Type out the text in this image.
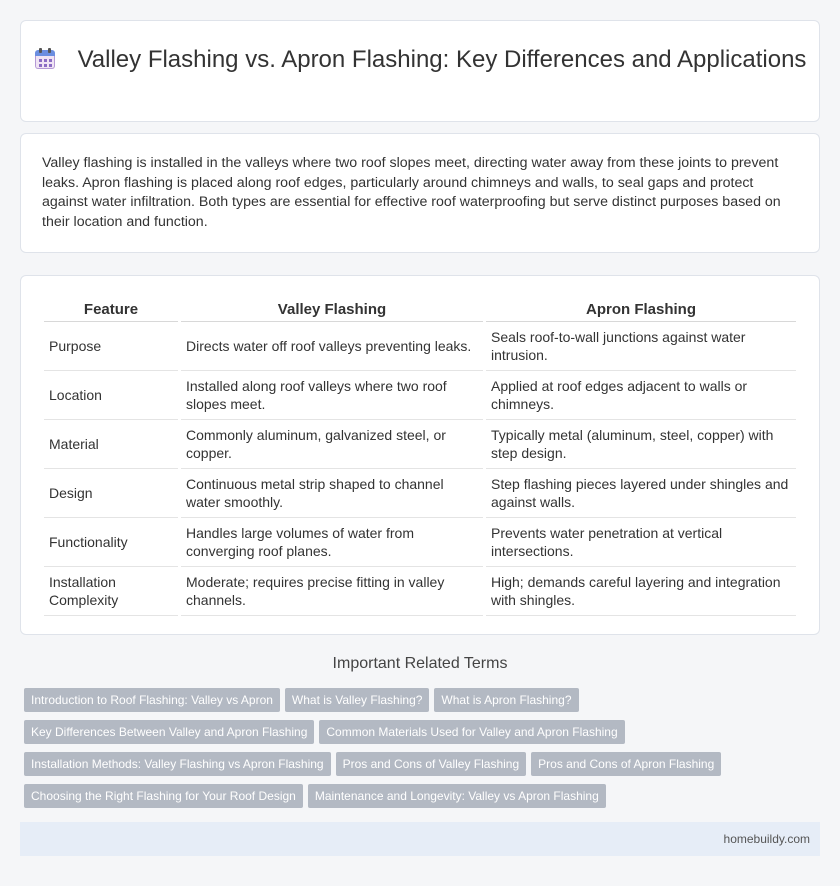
Valley Flashing vs. Apron Flashing: Key Differences and Applications

Valley flashing is installed in the valleys where two roof slopes meet, directing water away from these joints to prevent leaks. Apron flashing is placed along roof edges, particularly around chimneys and walls, to seal gaps and protect against water infiltration. Both types are essential for effective roof waterproofing but serve distinct purposes based on their location and function.

Feature	Valley Flashing	Apron Flashing
Purpose	Directs water off roof valleys preventing leaks.	Seals roof-to-wall junctions against water intrusion.
Location	Installed along roof valleys where two roof slopes meet.	Applied at roof edges adjacent to walls or chimneys.
Material	Commonly aluminum, galvanized steel, or copper.	Typically metal (aluminum, steel, copper) with step design.
Design	Continuous metal strip shaped to channel water smoothly.	Step flashing pieces layered under shingles and against walls.
Functionality	Handles large volumes of water from converging roof planes.	Prevents water penetration at vertical intersections.
Installation Complexity	Moderate; requires precise fitting in valley channels.	High; demands careful layering and integration with shingles.
Important Related Terms
Introduction to Roof Flashing: Valley vs Apron What is Valley Flashing? What is Apron Flashing?
Key Differences Between Valley and Apron Flashing Common Materials Used for Valley and Apron Flashing
Installation Methods: Valley Flashing vs Apron Flashing Pros and Cons of Valley Flashing Pros and Cons of Apron Flashing
Choosing the Right Flashing for Your Roof Design Maintenance and Longevity: Valley vs Apron Flashing
homebuildy.com
